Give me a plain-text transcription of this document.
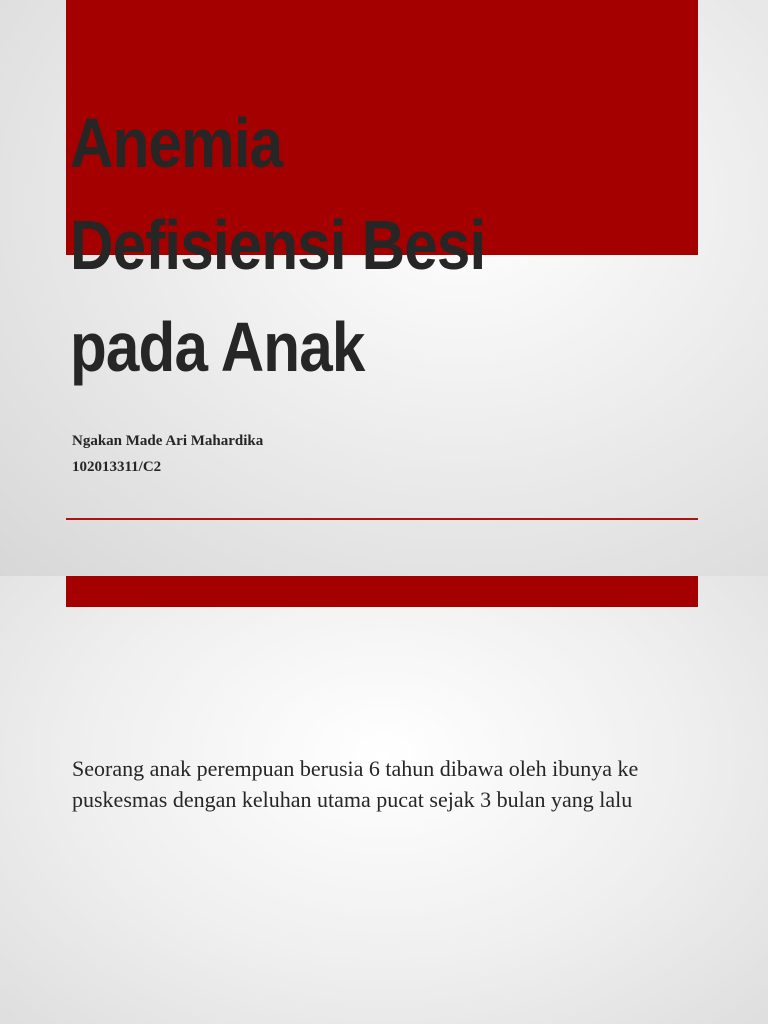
Anemia
Defisiensi Besi
pada Anak

Ngakan Made Ari Mahardika
102013311/C2

Seorang anak perempuan berusia 6 tahun dibawa oleh ibunya ke puskesmas dengan keluhan utama pucat sejak 3 bulan yang lalu
